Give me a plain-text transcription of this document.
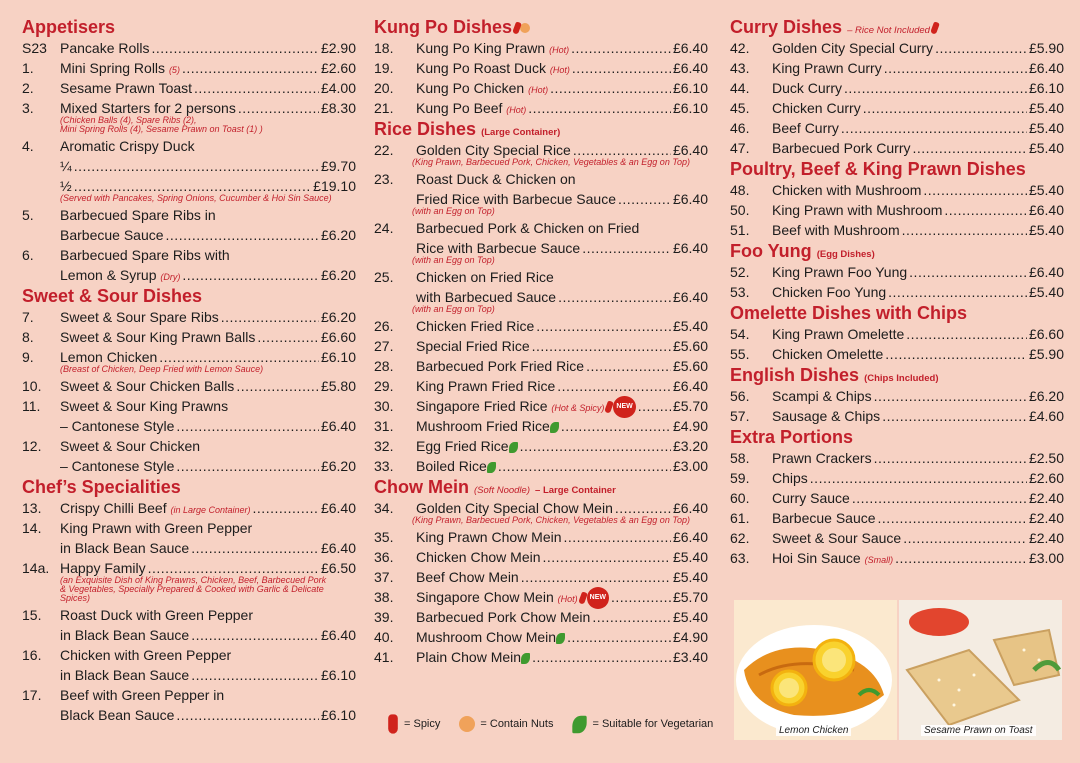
Appetisers
S23 Pancake Rolls .....	£2.90
1.	Mini Spring Rolls (5) .....	£2.60
2.	Sesame Prawn Toast .....	£4.00
3.	Mixed Starters for 2 persons .....	£8.30
(Chicken Balls (4), Spare Ribs (2),
Mini Spring Rolls (4), Sesame Prawn on Toast (1) )
4.	Aromatic Crispy Duck
¼ .....	£9.70
½ .....	£19.10
(Served with Pancakes, Spring Onions, Cucumber & Hoi Sin Sauce)
5.	Barbecued Spare Ribs in
Barbecue Sauce .....	£6.20
6.	Barbecued Spare Ribs with
Lemon & Syrup (Dry) .....	£6.20
Sweet & Sour Dishes
7.	Sweet & Sour Spare Ribs .....	£6.20
8.	Sweet & Sour King Prawn Balls .....	£6.60
9.	Lemon Chicken .....	£6.10
(Breast of Chicken, Deep Fried with Lemon Sauce)
10.	Sweet & Sour Chicken Balls .....	£5.80
11.	Sweet & Sour King Prawns
– Cantonese Style .....	£6.40
12.	Sweet & Sour Chicken
– Cantonese Style .....	£6.20
Chef’s Specialities
13.	Crispy Chilli Beef (in Large Container) .....	£6.40
14.	King Prawn with Green Pepper
in Black Bean Sauce .....	£6.40
14a. Happy Family .....	£6.50
(an Exquisite Dish of King Prawns, Chicken, Beef, Barbecued Pork
& Vegetables, Specially Prepared & Cooked with Garlic & Delicate
Spices)
15.	Roast Duck with Green Pepper
in Black Bean Sauce .....	£6.40
16.	Chicken with Green Pepper
in Black Bean Sauce .....	£6.10
17.	Beef with Green Pepper in
Black Bean Sauce .....	£6.10
Kung Po Dishes
18.	Kung Po King Prawn (Hot) .....	£6.40
19.	Kung Po Roast Duck (Hot) .....	£6.40
20.	Kung Po Chicken (Hot) .....	£6.10
21.	Kung Po Beef (Hot) .....	£6.10
Rice Dishes (Large Container)
22.	Golden City Special Rice .....	£6.40
(King Prawn, Barbecued Pork, Chicken, Vegetables & an Egg on Top)
23.	Roast Duck & Chicken on
Fried Rice with Barbecue Sauce .....	£6.40
(with an Egg on Top)
24.	Barbecued Pork & Chicken on Fried
Rice with Barbecue Sauce .....	£6.40
(with an Egg on Top)
25.	Chicken on Fried Rice
with Barbecued Sauce .....	£6.40
(with an Egg on Top)
26.	Chicken Fried Rice .....	£5.40
27.	Special Fried Rice .....	£5.60
28.	Barbecued Pork Fried Rice .....	£5.60
29.	King Prawn Fried Rice .....	£6.40
30.	Singapore Fried Rice (Hot & Spicy) NEW .....	£5.70
31.	Mushroom Fried Rice .....	£4.90
32.	Egg Fried Rice .....	£3.20
33.	Boiled Rice .....	£3.00
Chow Mein (Soft Noodle) – Large Container
34.	Golden City Special Chow Mein .....	£6.40
(King Prawn, Barbecued Pork, Chicken, Vegetables & an Egg on Top)
35.	King Prawn Chow Mein .....	£6.40
36.	Chicken Chow Mein .....	£5.40
37.	Beef Chow Mein .....	£5.40
38.	Singapore Chow Mein (Hot) NEW .....	£5.70
39.	Barbecued Pork Chow Mein .....	£5.40
40.	Mushroom Chow Mein .....	£4.90
41.	Plain Chow Mein .....	£3.40
Curry Dishes – Rice Not Included
42.	Golden City Special Curry .....	£5.90
43.	King Prawn Curry .....	£6.40
44.	Duck Curry .....	£6.10
45.	Chicken Curry .....	£5.40
46.	Beef Curry .....	£5.40
47.	Barbecued Pork Curry .....	£5.40
Poultry, Beef & King Prawn Dishes
48.	Chicken with Mushroom .....	£5.40
50.	King Prawn with Mushroom .....	£6.40
51.	Beef with Mushroom .....	£5.40
Foo Yung (Egg Dishes)
52.	King Prawn Foo Yung .....	£6.40
53.	Chicken Foo Yung .....	£5.40
Omelette Dishes with Chips
54.	King Prawn Omelette .....	£6.60
55.	Chicken Omelette .....	£5.90
English Dishes (Chips Included)
56.	Scampi & Chips .....	£6.20
57.	Sausage & Chips .....	£4.60
Extra Portions
58.	Prawn Crackers .....	£2.50
59.	Chips .....	£2.60
60.	Curry Sauce .....	£2.40
61.	Barbecue Sauce .....	£2.40
62.	Sweet & Sour Sauce .....	£2.40
63.	Hoi Sin Sauce (Small) .....	£3.00
= Spicy	= Contain Nuts	= Suitable for Vegetarian
Lemon Chicken	Sesame Prawn on Toast
